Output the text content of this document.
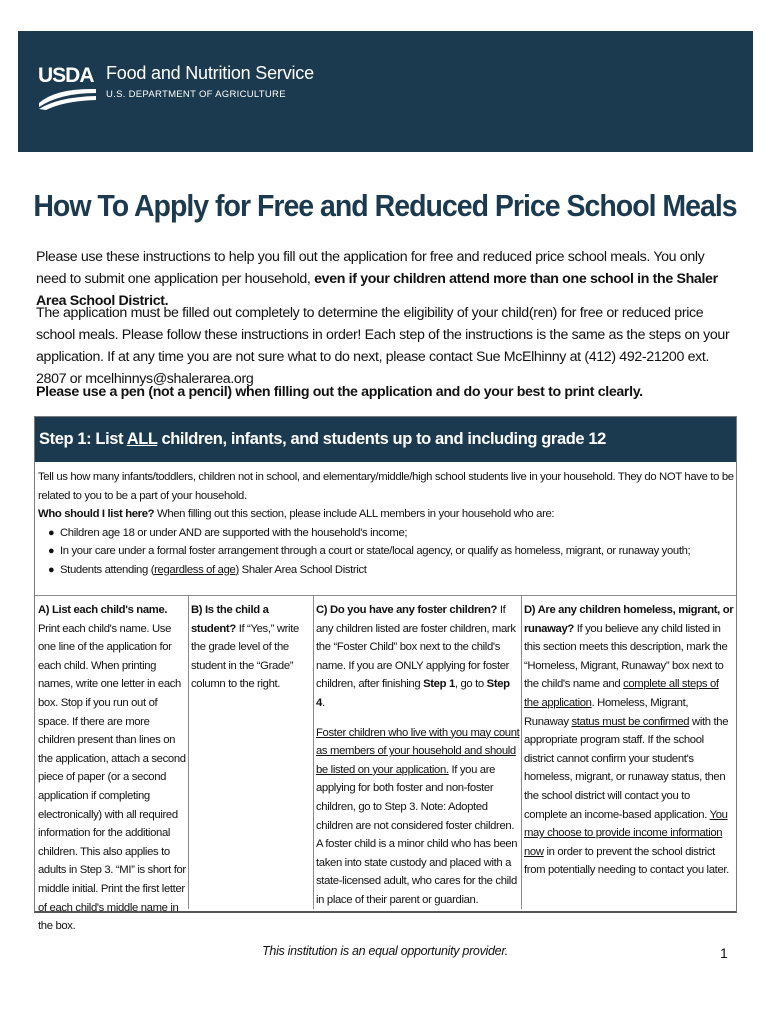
USDA Food and Nutrition Service
U.S. DEPARTMENT OF AGRICULTURE
How To Apply for Free and Reduced Price School Meals
Please use these instructions to help you fill out the application for free and reduced price school meals. You only need to submit one application per household, even if your children attend more than one school in the Shaler Area School District.
The application must be filled out completely to determine the eligibility of your child(ren) for free or reduced price school meals. Please follow these instructions in order! Each step of the instructions is the same as the steps on your application. If at any time you are not sure what to do next, please contact Sue McElhinny at (412) 492-21200 ext. 2807 or mcelhinnys@shalerarea.org
Please use a pen (not a pencil) when filling out the application and do your best to print clearly.
Step 1: List ALL children, infants, and students up to and including grade 12
Tell us how many infants/toddlers, children not in school, and elementary/middle/high school students live in your household. They do NOT have to be related to you to be a part of your household.
Who should I list here? When filling out this section, please include ALL members in your household who are:
● Children age 18 or under AND are supported with the household's income;
● In your care under a formal foster arrangement through a court or state/local agency, or qualify as homeless, migrant, or runaway youth;
● Students attending (regardless of age) Shaler Area School District
A) List each child's name. Print each child's name. Use one line of the application for each child. When printing names, write one letter in each box. Stop if you run out of space. If there are more children present than lines on the application, attach a second piece of paper (or a second application if completing electronically) with all required information for the additional children. This also applies to adults in Step 3. “MI” is short for middle initial. Print the first letter of each child's middle name in the box.
B) Is the child a student? If “Yes,” write the grade level of the student in the “Grade” column to the right.
C) Do you have any foster children? If any children listed are foster children, mark the “Foster Child” box next to the child's name. If you are ONLY applying for foster children, after finishing Step 1, go to Step 4.
Foster children who live with you may count as members of your household and should be listed on your application. If you are applying for both foster and non-foster children, go to Step 3. Note: Adopted children are not considered foster children. A foster child is a minor child who has been taken into state custody and placed with a state-licensed adult, who cares for the child in place of their parent or guardian.
D) Are any children homeless, migrant, or runaway? If you believe any child listed in this section meets this description, mark the “Homeless, Migrant, Runaway” box next to the child's name and complete all steps of the application. Homeless, Migrant, Runaway status must be confirmed with the appropriate program staff. If the school district cannot confirm your student's homeless, migrant, or runaway status, then the school district will contact you to complete an income-based application. You may choose to provide income information now in order to prevent the school district from potentially needing to contact you later.
This institution is an equal opportunity provider.	1
